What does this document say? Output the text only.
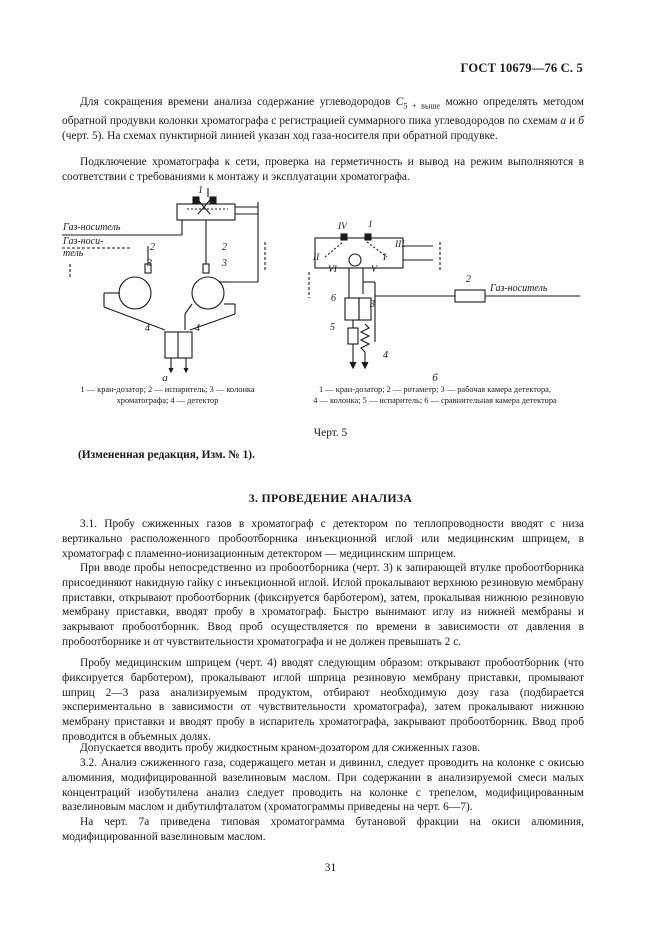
ГОСТ 10679—76 С. 5

Для сокращения времени анализа содержание углеводородов $C_{5 + выше}$ можно определять методом обратной продувки колонки хроматографа с регистрацией суммарного пика углеводородов по схемам а и б (черт. 5). На схемах пунктирной линией указан ход газа-носителя при обратной продувке.

Подключение хроматографа к сети, проверка на герметичность и вывод на режим выполняются в соответствии с требованиями к монтажу и эксплуатации хроматографа.

Газ-носитель
Газ-носи-
тель
1
2
3
2
3
4	4
IV 1
II
VI	V
III
I
2
3
4
5
6
Газ-носитель
а
1 — кран-дозатор; 2 — испаритель; 3 — колонка
хроматографа; 4 — детектор
б
1 — кран-дозатор; 2 — ротаметр; 3 — рабочая камера детектора,
4 — колонка; 5 — испаритель; 6 — сравнительная камера детектора
Черт. 5
(Измененная редакция, Изм. № 1).
3. ПРОВЕДЕНИЕ АНАЛИЗА

3.1. Пробу сжиженных газов в хроматограф с детектором по теплопроводности вводят с низа вертикально расположенного пробоотборника инъекционной иглой или медицинским шприцем, в хроматограф с пламенно-ионизационным детектором — медицинским шприцем.

При вводе пробы непосредственно из пробоотборника (черт. 3) к запирающей втулке пробоотборника присоединяют накидную гайку с инъекционной иглой. Иглой прокалывают верхнюю резиновую мембрану приставки, открывают пробоотборник (фиксируется барботером), затем, прокалывая нижнюю резиновую мембрану приставки, вводят пробу в хроматограф. Быстро вынимают иглу из нижней мембраны и закрывают пробоотборник. Ввод проб осуществляется по времени в зависимости от давления в пробоотборнике и от чувствительности хроматографа и не должен превышать 2 с.

Пробу медицинским шприцем (черт. 4) вводят следующим образом: открывают пробоотборник (что фиксируется барботером), прокалывают иглой шприца резиновую мембрану приставки, промывают шприц 2—3 раза анализируемым продуктом, отбирают необходимую дозу газа (подбирается экспериментально в зависимости от чувствительности хроматографа), затем прокалывают нижнюю мембрану приставки и вводят пробу в испаритель хроматографа, закрывают пробоотборник. Ввод проб проводится в объемных долях.

Допускается вводить пробу жидкостным краном-дозатором для сжиженных газов.

3.2. Анализ сжиженного газа, содержащего метан и дивинил, следует проводить на колонке с окисью алюминия, модифицированной вазелиновым маслом. При содержании в анализируемой смеси малых концентраций изобутилена анализ следует проводить на колонке с трепелом, модифицированным вазелиновым маслом и дибутилфталатом (хроматограммы приведены на черт. 6—7).

На черт. 7а приведена типовая хроматограмма бутановой фракции на окиси алюминия, модифицированной вазелиновым маслом.

31
